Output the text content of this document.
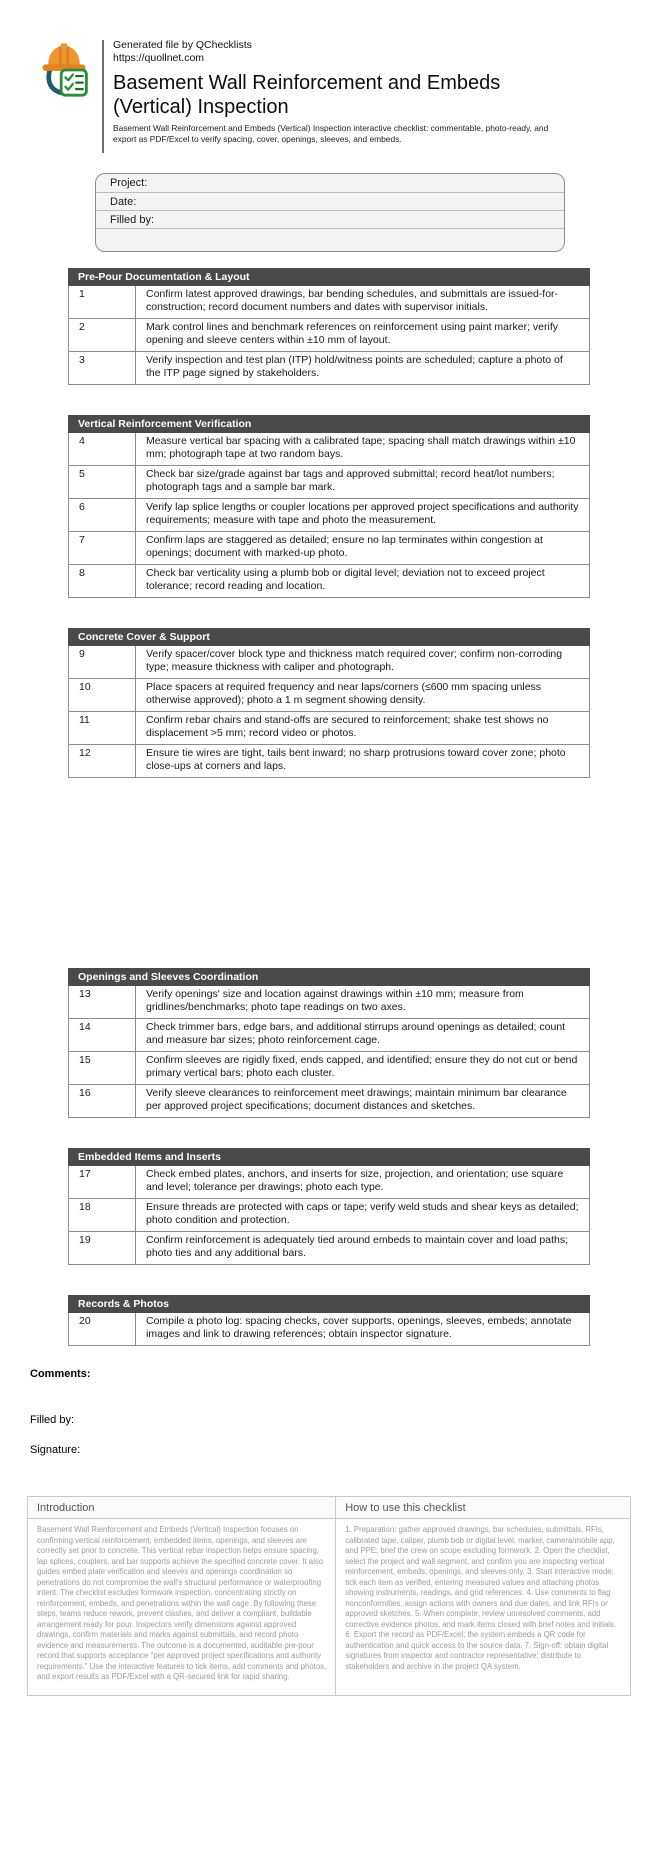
Generated file by QChecklists
https://quollnet.com
Basement Wall Reinforcement and Embeds (Vertical) Inspection

Basement Wall Reinforcement and Embeds (Vertical) Inspection interactive checklist: commentable, photo-ready, and export as PDF/Excel to verify spacing, cover, openings, sleeves, and embeds.

Project:
Date:
Filled by:
Pre-Pour Documentation & Layout
1	Confirm latest approved drawings, bar bending schedules, and submittals are issued-for-construction; record document numbers and dates with supervisor initials.
2	Mark control lines and benchmark references on reinforcement using paint marker; verify opening and sleeve centers within ±10 mm of layout.
3	Verify inspection and test plan (ITP) hold/witness points are scheduled; capture a photo of the ITP page signed by stakeholders.
Vertical Reinforcement Verification
4	Measure vertical bar spacing with a calibrated tape; spacing shall match drawings within ±10 mm; photograph tape at two random bays.
5	Check bar size/grade against bar tags and approved submittal; record heat/lot numbers; photograph tags and a sample bar mark.
6	Verify lap splice lengths or coupler locations per approved project specifications and authority requirements; measure with tape and photo the measurement.
7	Confirm laps are staggered as detailed; ensure no lap terminates within congestion at openings; document with marked-up photo.
8	Check bar verticality using a plumb bob or digital level; deviation not to exceed project tolerance; record reading and location.
Concrete Cover & Support
9	Verify spacer/cover block type and thickness match required cover; confirm non-corroding type; measure thickness with caliper and photograph.
10	Place spacers at required frequency and near laps/corners (≤600 mm spacing unless otherwise approved); photo a 1 m segment showing density.
11	Confirm rebar chairs and stand-offs are secured to reinforcement; shake test shows no displacement >5 mm; record video or photos.
12	Ensure tie wires are tight, tails bent inward; no sharp protrusions toward cover zone; photo close-ups at corners and laps.
Openings and Sleeves Coordination
13	Verify openings' size and location against drawings within ±10 mm; measure from gridlines/benchmarks; photo tape readings on two axes.
14	Check trimmer bars, edge bars, and additional stirrups around openings as detailed; count and measure bar sizes; photo reinforcement cage.
15	Confirm sleeves are rigidly fixed, ends capped, and identified; ensure they do not cut or bend primary vertical bars; photo each cluster.
16	Verify sleeve clearances to reinforcement meet drawings; maintain minimum bar clearance per approved project specifications; document distances and sketches.
Embedded Items and Inserts
17	Check embed plates, anchors, and inserts for size, projection, and orientation; use square and level; tolerance per drawings; photo each type.
18	Ensure threads are protected with caps or tape; verify weld studs and shear keys as detailed; photo condition and protection.
19	Confirm reinforcement is adequately tied around embeds to maintain cover and load paths; photo ties and any additional bars.
Records & Photos
20	Compile a photo log: spacing checks, cover supports, openings, sleeves, embeds; annotate images and link to drawing references; obtain inspector signature.
Comments:
Filled by:
Signature:
Introduction	How to use this checklist
Basement Wall Reinforcement and Embeds (Vertical) Inspection focuses on confirming vertical reinforcement, embedded items, openings, and sleeves are correctly set prior to concrete. This vertical rebar inspection helps ensure spacing, lap splices, couplers, and bar supports achieve the specified concrete cover. It also guides embed plate verification and sleeves and openings coordination so penetrations do not compromise the wall's structural performance or waterproofing intent. The checklist excludes formwork inspection, concentrating strictly on reinforcement, embeds, and penetrations within the wall cage. By following these steps, teams reduce rework, prevent clashes, and deliver a compliant, buildable arrangement ready for pour. Inspectors verify dimensions against approved drawings, confirm materials and marks against submittals, and record photo evidence and measurements. The outcome is a documented, auditable pre-pour record that supports acceptance "per approved project specifications and authority requirements." Use the interactive features to tick items, add comments and photos, and export results as PDF/Excel with a QR-secured link for rapid sharing.
1. Preparation: gather approved drawings, bar schedules, submittals, RFIs, calibrated tape, caliper, plumb bob or digital level, marker, camera/mobile app, and PPE; brief the crew on scope excluding formwork. 2. Open the checklist, select the project and wall segment, and confirm you are inspecting vertical reinforcement, embeds, openings, and sleeves only. 3. Start interactive mode; tick each item as verified, entering measured values and attaching photos showing instruments, readings, and grid references. 4. Use comments to flag nonconformities, assign actions with owners and due dates, and link RFIs or approved sketches. 5. When complete, review unresolved comments, add corrective evidence photos, and mark items closed with brief notes and initials. 6. Export the record as PDF/Excel; the system embeds a QR code for authentication and quick access to the source data. 7. Sign-off: obtain digital signatures from inspector and contractor representative; distribute to stakeholders and archive in the project QA system.
